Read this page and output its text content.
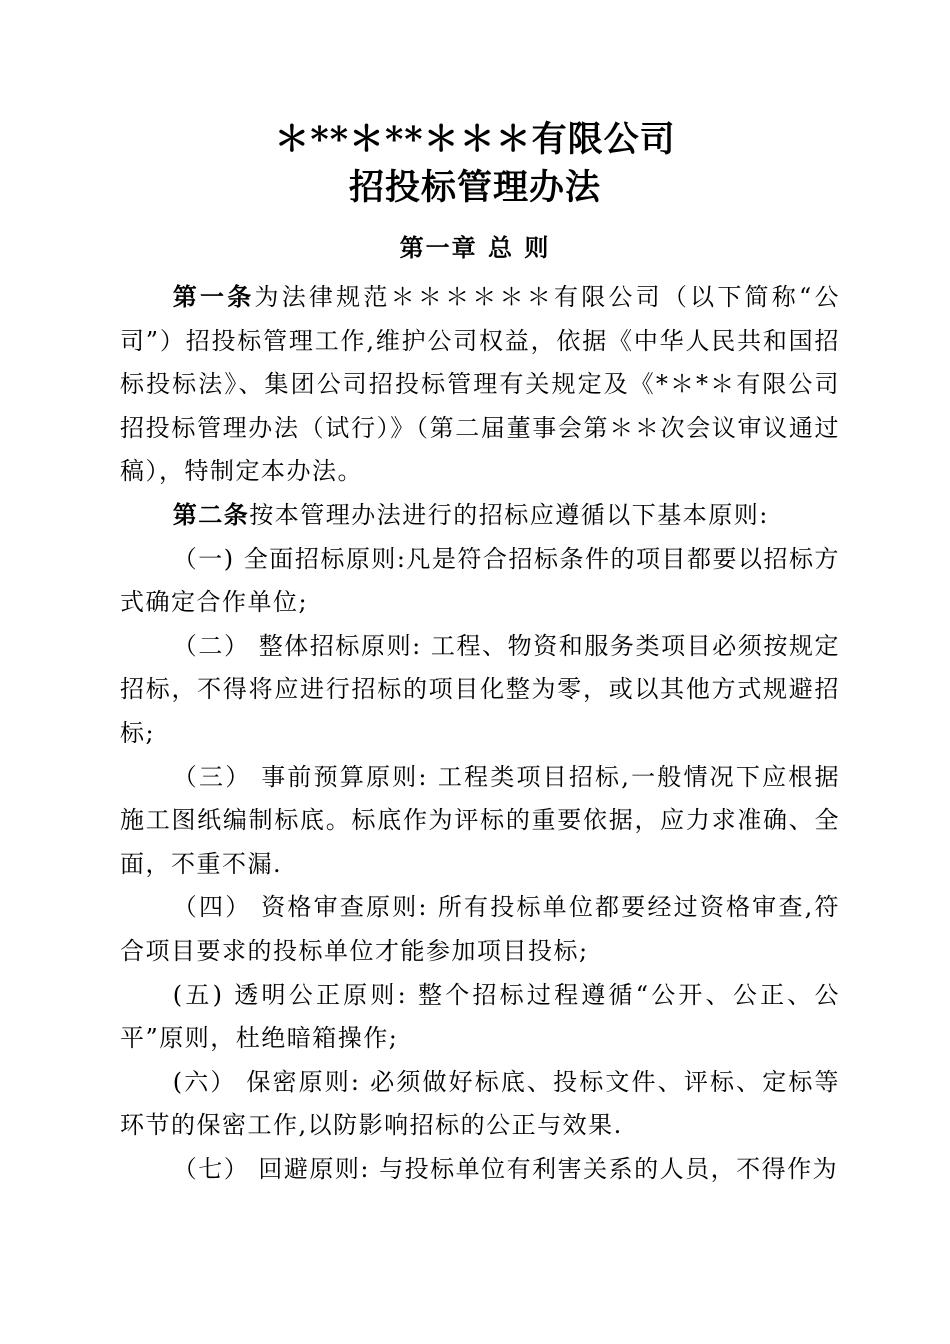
＊**＊**＊＊＊有限公司
招投标管理办法
第一章 总 则

第一条为法律规范＊＊＊＊＊＊有限公司（以下简称“公司”）招投标管理工作,维护公司权益，依据《中华人民共和国招标投标法》、集团公司招投标管理有关规定及《*＊*＊有限公司招投标管理办法（试行）》（第二届董事会第＊＊次会议审议通过稿），特制定本办法。

第二条按本管理办法进行的招标应遵循以下基本原则:

（一) 全面招标原则:凡是符合招标条件的项目都要以招标方式确定合作单位;

（二） 整体招标原则: 工程、物资和服务类项目必须按规定招标，不得将应进行招标的项目化整为零，或以其他方式规避招标;

（三） 事前预算原则: 工程类项目招标,一般情况下应根据施工图纸编制标底。标底作为评标的重要依据，应力求准确、全面，不重不漏.

（四） 资格审查原则: 所有投标单位都要经过资格审查,符合项目要求的投标单位才能参加项目投标;

(五) 透明公正原则: 整个招标过程遵循“公开、公正、公平”原则，杜绝暗箱操作;

(六） 保密原则: 必须做好标底、投标文件、评标、定标等环节的保密工作,以防影响招标的公正与效果.

（七） 回避原则: 与投标单位有利害关系的人员，不得作为
